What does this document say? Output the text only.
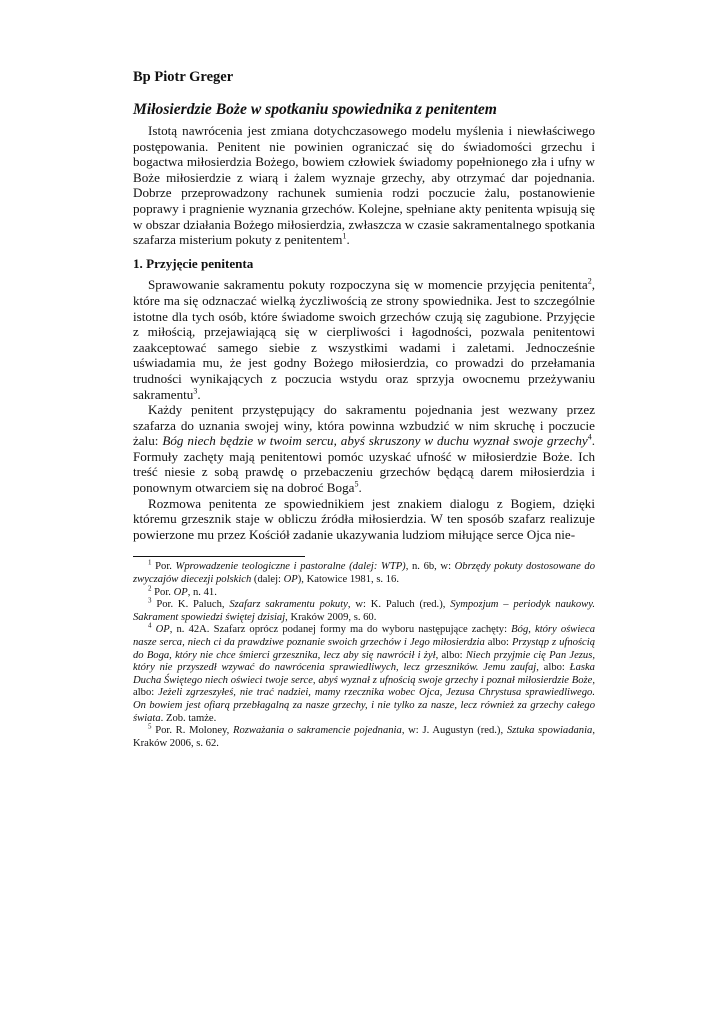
Bp Piotr Greger
Miłosierdzie Boże w spotkaniu spowiednika z penitentem

Istotą nawrócenia jest zmiana dotychczasowego modelu myślenia i niewłaściwego postępowania. Penitent nie powinien ograniczać się do świadomości grzechu i bogactwa miłosierdzia Bożego, bowiem człowiek świadomy popełnionego zła i ufny w Boże miłosierdzie z wiarą i żalem wyznaje grzechy, aby otrzymać dar pojednania. Dobrze przeprowadzony rachunek sumienia rodzi poczucie żalu, postanowienie poprawy i pragnienie wyznania grzechów. Kolejne, spełniane akty penitenta wpisują się w obszar działania Bożego miłosierdzia, zwłaszcza w czasie sakramentalnego spotkania szafarza misterium pokuty z penitentem$^1$.

1. Przyjęcie penitenta

Sprawowanie sakramentu pokuty rozpoczyna się w momencie przyjęcia penitenta$^2$, które ma się odznaczać wielką życzliwością ze strony spowiednika. Jest to szczególnie istotne dla tych osób, które świadome swoich grzechów czują się zagubione. Przyjęcie z miłością, przejawiającą się w cierpliwości i łagodności, pozwala penitentowi zaakceptować samego siebie z wszystkimi wadami i zaletami. Jednocześnie uświadamia mu, że jest godny Bożego miłosierdzia, co prowadzi do przełamania trudności wynikających z poczucia wstydu oraz sprzyja owocnemu przeżywaniu sakramentu$^3$.

Każdy penitent przystępujący do sakramentu pojednania jest wezwany przez szafarza do uznania swojej winy, która powinna wzbudzić w nim skruchę i poczucie żalu: Bóg niech będzie w twoim sercu, abyś skruszony w duchu wyznał swoje grzechy$^4$. Formuły zachęty mają penitentowi pomóc uzyskać ufność w miłosierdzie Boże. Ich treść niesie z sobą prawdę o przebaczeniu grzechów będącą darem miłosierdzia i ponownym otwarciem się na dobroć Boga$^5$.

Rozmowa penitenta ze spowiednikiem jest znakiem dialogu z Bogiem, dzięki któremu grzesznik staje w obliczu źródła miłosierdzia. W ten sposób szafarz realizuje powierzone mu przez Kościół zadanie ukazywania ludziom miłujące serce Ojca nie-

$^1$ Por. Wprowadzenie teologiczne i pastoralne (dalej: WTP), n. 6b, w: Obrzędy pokuty dostosowane do zwyczajów diecezji polskich (dalej: OP), Katowice 1981, s. 16.

$^2$ Por. OP, n. 41.

$^3$ Por. K. Paluch, Szafarz sakramentu pokuty, w: K. Paluch (red.), Sympozjum – periodyk naukowy. Sakrament spowiedzi świętej dzisiaj, Kraków 2009, s. 60.

$^4$ OP, n. 42A. Szafarz oprócz podanej formy ma do wyboru następujące zachęty: Bóg, który oświeca nasze serca, niech ci da prawdziwe poznanie swoich grzechów i Jego miłosierdzia albo: Przystąp z ufnością do Boga, który nie chce śmierci grzesznika, lecz aby się nawrócił i żył, albo: Niech przyjmie cię Pan Jezus, który nie przyszedł wzywać do nawrócenia sprawiedliwych, lecz grzeszników. Jemu zaufaj, albo: Łaska Ducha Świętego niech oświeci twoje serce, abyś wyznał z ufnością swoje grzechy i poznał miłosierdzie Boże, albo: Jeżeli zgrzeszyłeś, nie trać nadziei, mamy rzecznika wobec Ojca, Jezusa Chrystusa sprawiedliwego. On bowiem jest ofiarą przebłagalną za nasze grzechy, i nie tylko za nasze, lecz również za grzechy całego świata. Zob. tamże.

$^5$ Por. R. Moloney, Rozważania o sakramencie pojednania, w: J. Augustyn (red.), Sztuka spowiadania, Kraków 2006, s. 62.
